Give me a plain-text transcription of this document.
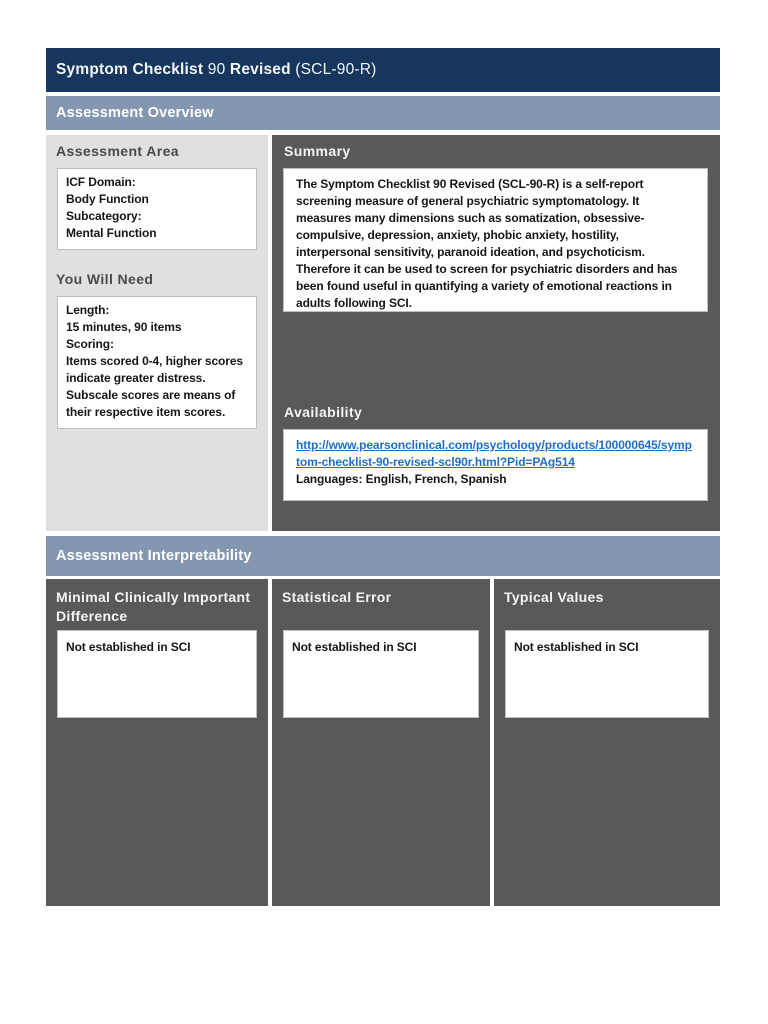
Symptom Checklist 90 Revised (SCL-90-R)
Assessment Overview
Assessment Area
ICF Domain:
Body Function
Subcategory:
Mental Function
You Will Need
Length:
15 minutes, 90 items
Scoring:
Items scored 0-4, higher scores indicate greater distress. Subscale scores are means of their respective item scores.
Summary
The Symptom Checklist 90 Revised (SCL-90-R) is a self-report screening measure of general psychiatric symptomatology. It measures many dimensions such as somatization, obsessive-compulsive, depression, anxiety, phobic anxiety, hostility, interpersonal sensitivity, paranoid ideation, and psychoticism. Therefore it can be used to screen for psychiatric disorders and has been found useful in quantifying a variety of emotional reactions in adults following SCI.
Availability
http://www.pearsonclinical.com/psychology/products/100000645/symptom-checklist-90-revised-scl90r.html?Pid=PAg514
Languages: English, French, Spanish
Assessment Interpretability
Minimal Clinically Important Difference
Not established in SCI
Statistical Error
Not established in SCI
Typical Values
Not established in SCI
